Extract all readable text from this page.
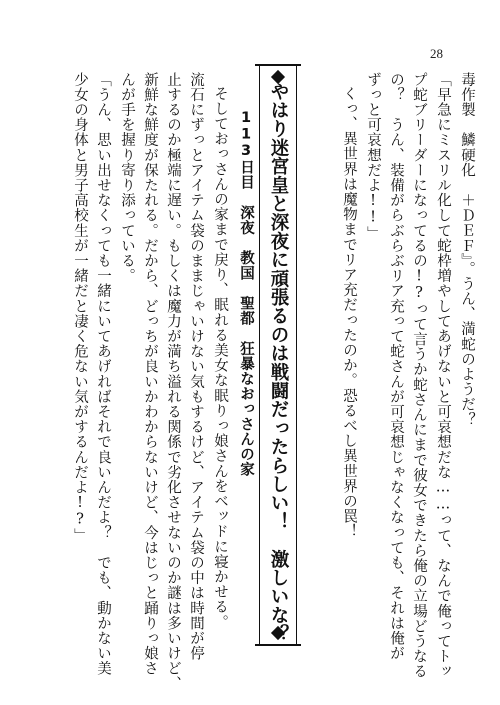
28
毒作製　鱗硬化　＋ＤＥＦ』。うん、満蛇のようだ？
「早急にミスリル化して蛇枠増やしてあげないと可哀想だな……って、なんで俺ってトッ
プ蛇ブリーダーになってるの!?って言うか蛇さんにまで彼女できたら俺の立場どうなる
の？　うん、装備がらぶらぶリア充って蛇さんが可哀想じゃなくなっても、それは俺が
ずっと可哀想だよ!!」
くっ、異世界は魔物までリア充だったのか。恐るべし異世界の罠！
やはり迷宮皇と深夜に頑張るのは戦闘だったらしい！　激しいな？
113日目　深夜　教国　聖都　狂暴なおっさんの家
そしておっさんの家まで戻り、眠れる美女な眠りっ娘さんをベッドに寝かせる。
流石にずっとアイテム袋のままじゃいけない気もするけど、アイテム袋の中は時間が停
止するのか極端に遅い。もしくは魔力が満ち溢れる関係で劣化させないのか謎は多いけど、
新鮮な鮮度が保たれる。だから、どっちが良いかわからないけど、今はじっと踊りっ娘さ
んが手を握り寄り添っている。
「うん、思い出せなくっても一緒にいてあげればそれで良いんだよ？　でも、動かない美
少女の身体と男子高校生が一緒だと凄く危ない気がするんだよ!?」
